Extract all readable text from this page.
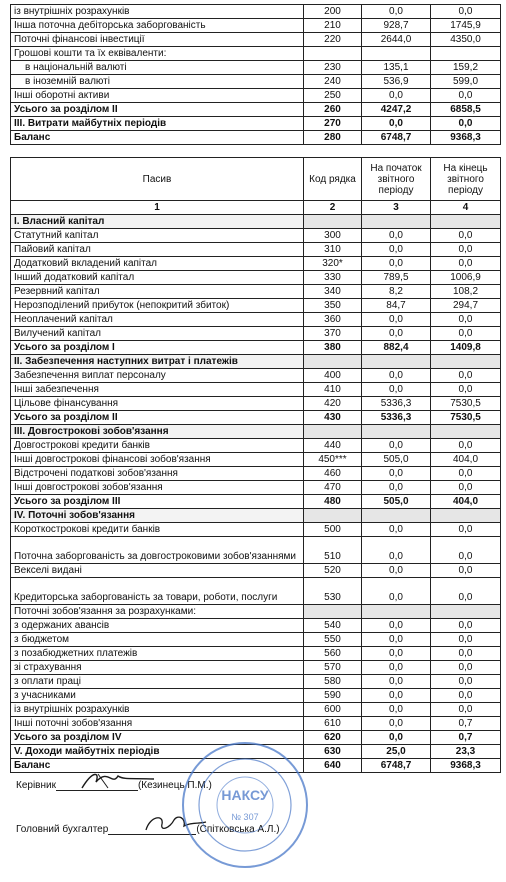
із внутрішніх розрахунків	200	0,0	0,0
Інша поточна дебіторська заборгованість	210	928,7	1745,9
Поточні фінансові інвестиції	220	2644,0	4350,0
Грошові кошти та їх еквіваленти:			
в національній валюті	230	135,1	159,2
в іноземній валюті	240	536,9	599,0
Інші оборотні активи	250	0,0	0,0
Усього за розділом II	260	4247,2	6858,5
III. Витрати майбутніх періодів	270	0,0	0,0
Баланс	280	6748,7	9368,3
Пасив	Код рядка	На початок звітного періоду	На кінець звітного періоду
1	2	3	4
I. Власний капітал			
Статутний капітал	300	0,0	0,0
Пайовий капітал	310	0,0	0,0
Додатковий вкладений капітал	320*	0,0	0,0
Інший додатковий капітал	330	789,5	1006,9
Резервний капітал	340	8,2	108,2
Нерозподілений прибуток (непокритий збиток)	350	84,7	294,7
Неоплачений капітал	360	0,0	0,0
Вилучений капітал	370	0,0	0,0
Усього за розділом I	380	882,4	1409,8
II. Забезпечення наступних витрат і платежів			
Забезпечення виплат персоналу	400	0,0	0,0
Інші забезпечення	410	0,0	0,0
Цільове фінансування	420	5336,3	7530,5
Усього за розділом II	430	5336,3	7530,5
III. Довгострокові зобов'язання			
Довгострокові кредити банків	440	0,0	0,0
Інші довгострокові фінансові зобов'язання	450***	505,0	404,0
Відстрочені податкові зобов'язання	460	0,0	0,0
Інші довгострокові зобов'язання	470	0,0	0,0
Усього за розділом III	480	505,0	404,0
IV. Поточні зобов'язання			
Короткострокові кредити банків	500	0,0	0,0
Поточна заборгованість за довгостроковими зобов'язаннями	510	0,0	0,0
Векселі видані	520	0,0	0,0
Кредиторська заборгованість за товари, роботи, послуги	530	0,0	0,0
Поточні зобов'язання за розрахунками:			
з одержаних авансів	540	0,0	0,0
з бюджетом	550	0,0	0,0
з позабюджетних платежів	560	0,0	0,0
зі страхування	570	0,0	0,0
з оплати праці	580	0,0	0,0
з учасниками	590	0,0	0,0
із внутрішніх розрахунків	600	0,0	0,0
Інші поточні зобов'язання	610	0,0	0,7
Усього за розділом IV	620	0,0	0,7
V. Доходи майбутніх періодів	630	25,0	23,3
Баланс	640	6748,7	9368,3
Керівник	(Кезинець П.М.)
Головний бухгалтер	(Спітковська А.Л.)
НАКСУ
№ 307
